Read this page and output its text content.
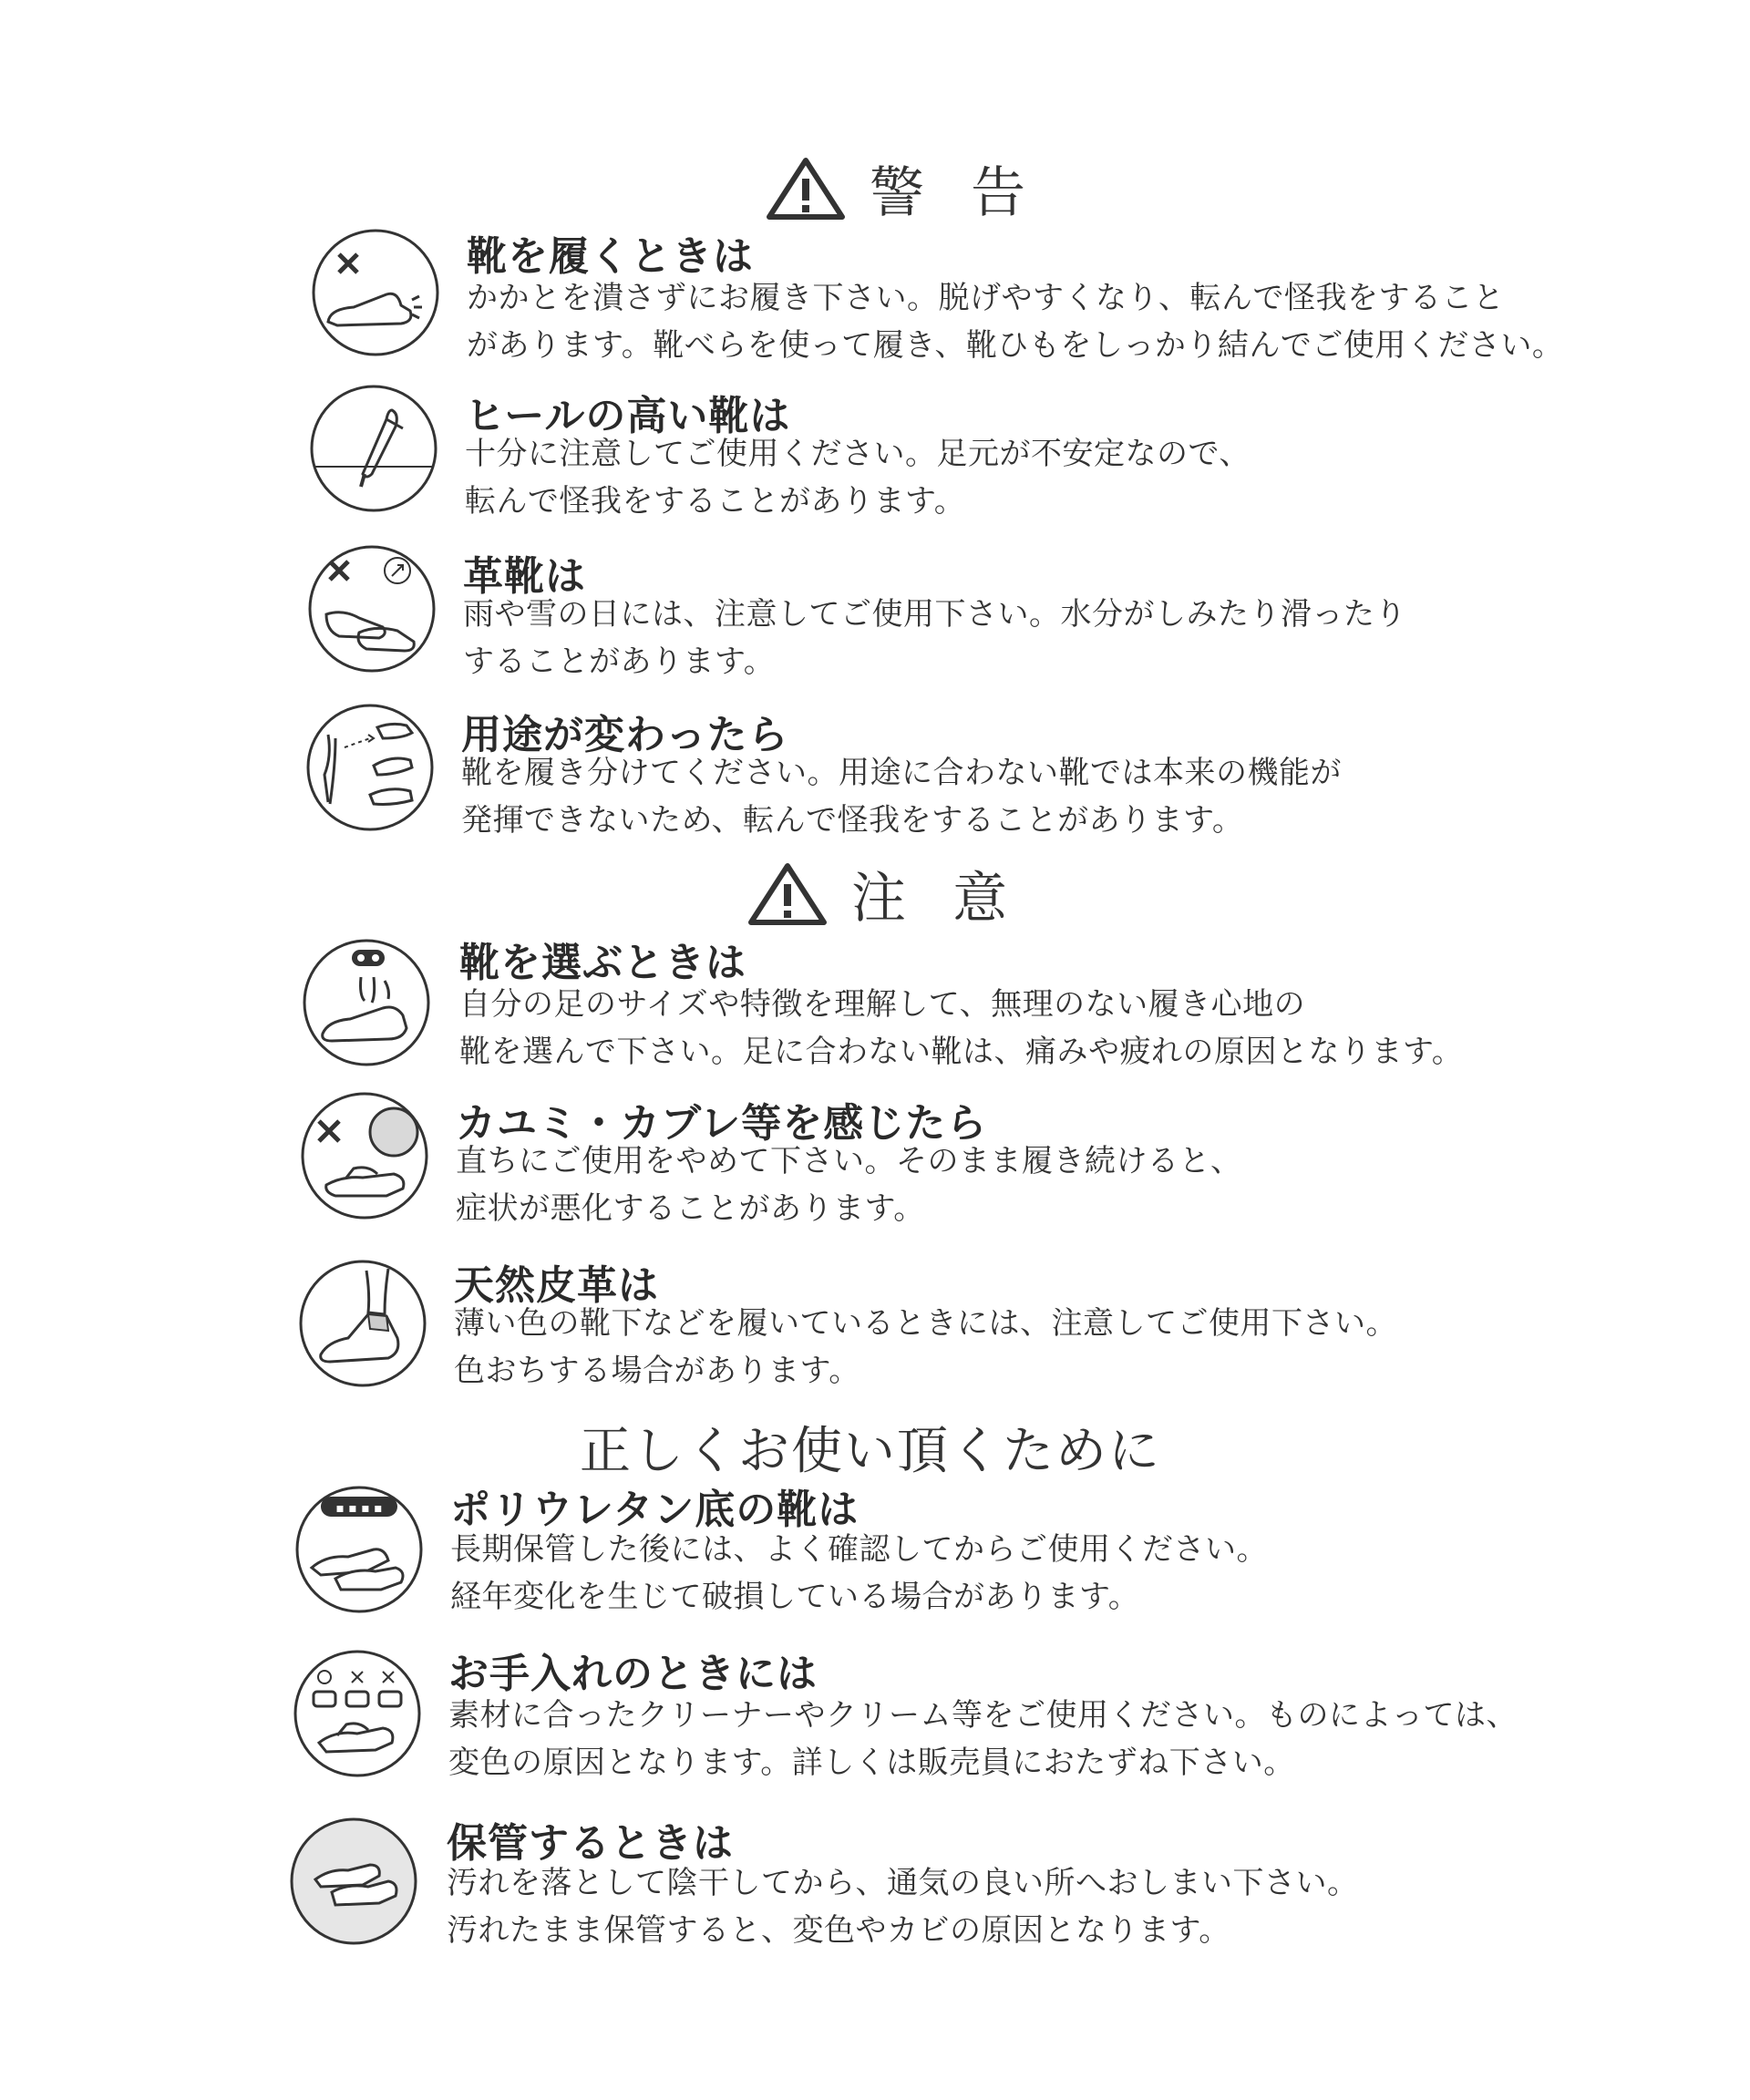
警 告
靴を履くときは
かかとを潰さずにお履き下さい。脱げやすくなり、転んで怪我をすること
があります。靴べらを使って履き、靴ひもをしっかり結んでご使用ください。
ヒールの高い靴は
十分に注意してご使用ください。足元が不安定なので、
転んで怪我をすることがあります。
革靴は
雨や雪の日には、注意してご使用下さい。水分がしみたり滑ったり
することがあります。
用途が変わったら
靴を履き分けてください。用途に合わない靴では本来の機能が
発揮できないため、転んで怪我をすることがあります。
注 意
靴を選ぶときは
自分の足のサイズや特徴を理解して、無理のない履き心地の
靴を選んで下さい。足に合わない靴は、痛みや疲れの原因となります。
カユミ・カブレ等を感じたら
直ちにご使用をやめて下さい。そのまま履き続けると、
症状が悪化することがあります。
天然皮革は
薄い色の靴下などを履いているときには、注意してご使用下さい。
色おちする場合があります。
正しくお使い頂くために
▪ ▪ ▪ ▪ ポリウレタン底の靴は
長期保管した後には、よく確認してからご使用ください。
経年変化を生じて破損している場合があります。
お手入れのときには
素材に合ったクリーナーやクリーム等をご使用ください。ものによっては、
変色の原因となります。詳しくは販売員におたずね下さい。
保管するときは
汚れを落として陰干してから、通気の良い所へおしまい下さい。
汚れたまま保管すると、変色やカビの原因となります。
